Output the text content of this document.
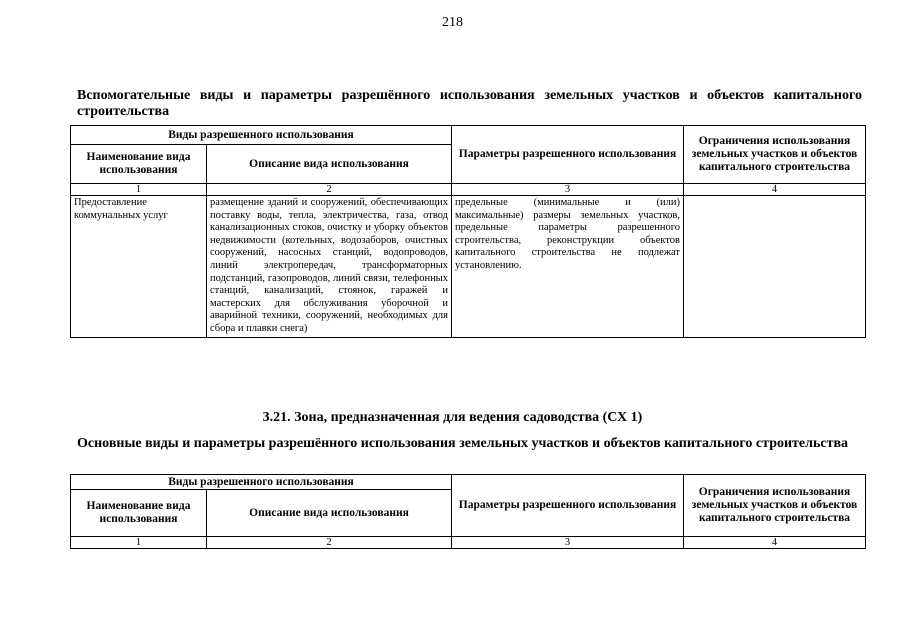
218
Вспомогательные виды и параметры разрешённого использования земельных участков и объектов капитального строительства
Виды разрешенного использования		Параметры разрешенного использования	Ограничения использования земельных участков и объектов капитального строительства
Наименование вида использования	Описание вида использования		
1	2	3	4
Предоставление коммунальных услуг	размещение зданий и сооружений, обеспечивающих поставку воды, тепла, электричества, газа, отвод канализационных стоков, очистку и уборку объектов недвижимости (котельных, водозаборов, очистных сооружений, насосных станций, водопроводов, линий электропередач, трансформаторных подстанций, газопроводов, линий связи, телефонных станций, канализаций, стоянок, гаражей и мастерских для обслуживания уборочной и аварийной техники, сооружений, необходимых для сбора и плавки снега)	предельные (минимальные и (или) максимальные) размеры земельных участков, предельные параметры разрешенного строительства, реконструкции объектов капитального строительства не подлежат установлению.	
3.21. Зона, предназначенная для ведения садоводства (СХ 1)
Основные виды и параметры разрешённого использования земельных участков и объектов капитального строительства
Виды разрешенного использования		Параметры разрешенного использования	Ограничения использования земельных участков и объектов капитального строительства
Наименование вида использования	Описание вида использования		
1	2	3	4
